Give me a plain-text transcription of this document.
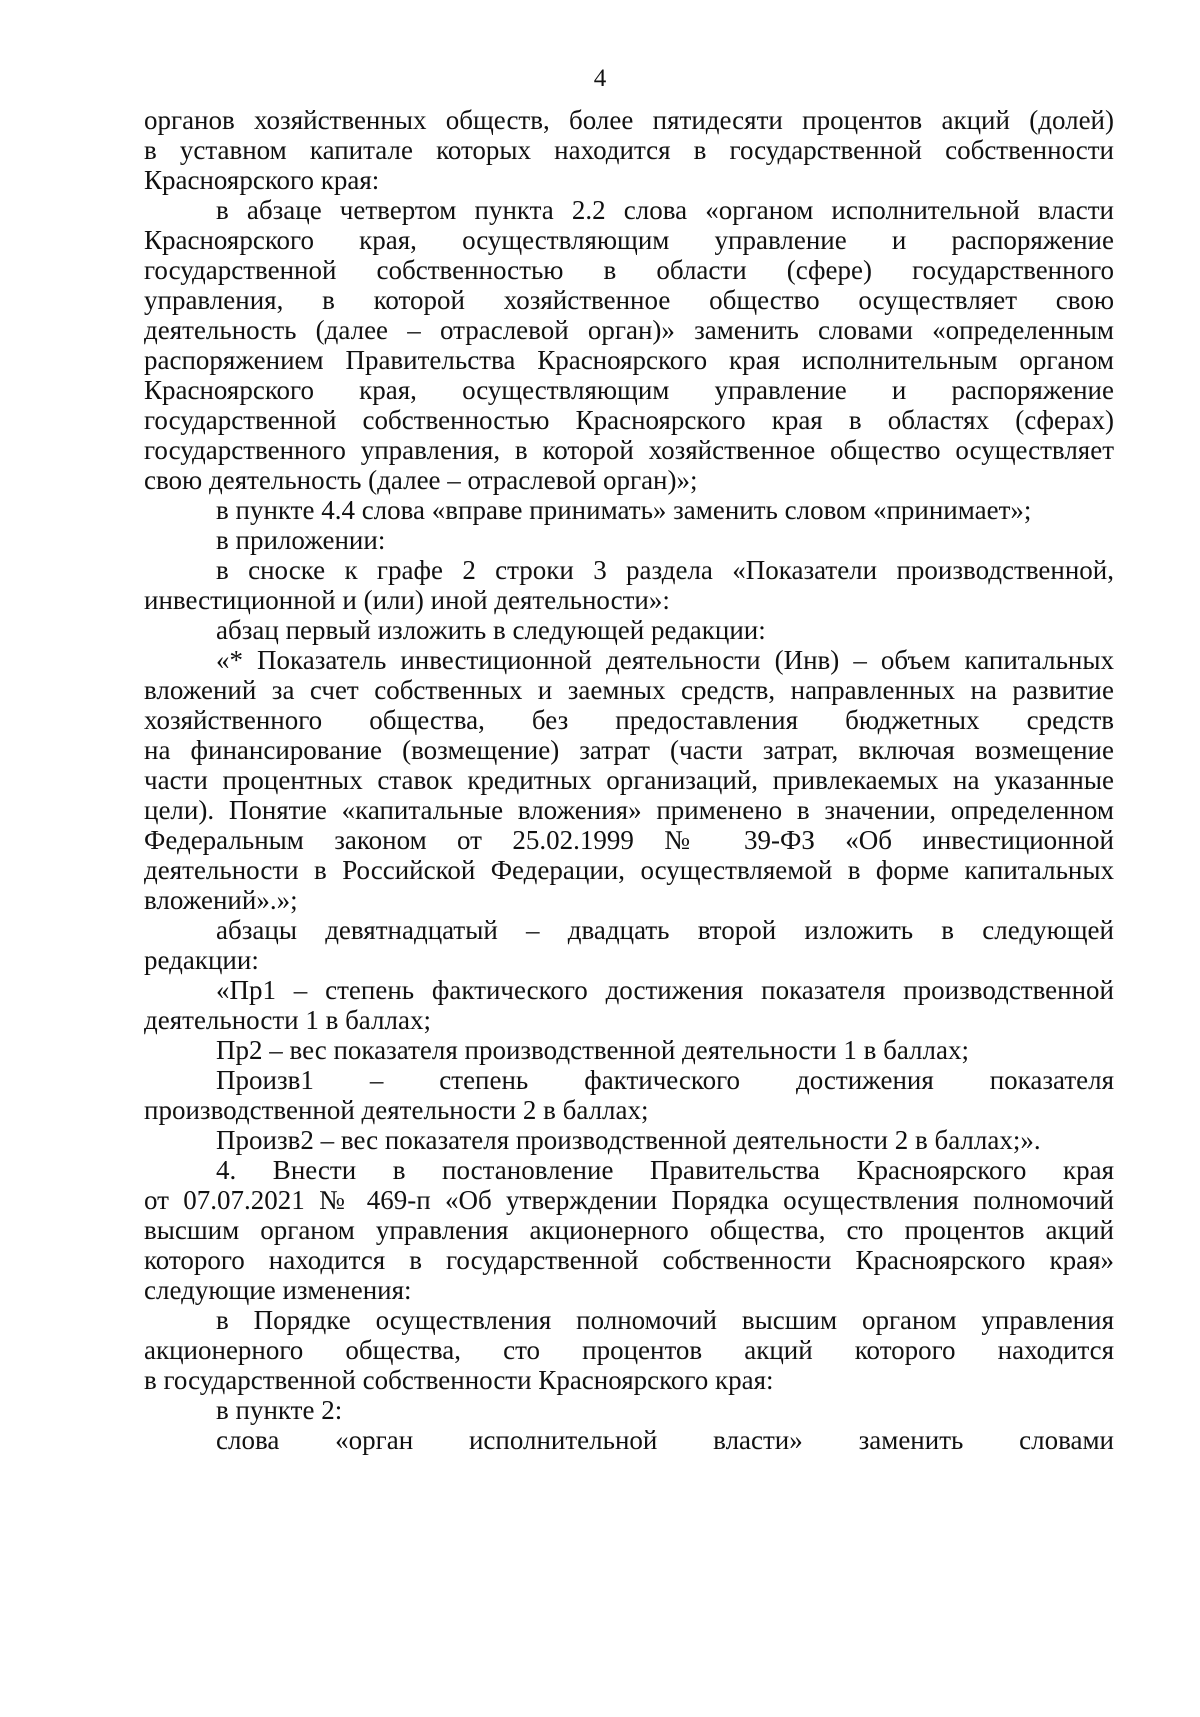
4
органов хозяйственных обществ, более пятидесяти процентов акций (долей)
в уставном капитале которых находится в государственной собственности
Красноярского края:
в абзаце четвертом пункта 2.2 слова «органом исполнительной власти
Красноярского края, осуществляющим управление и распоряжение
государственной собственностью в области (сфере) государственного
управления, в которой хозяйственное общество осуществляет свою
деятельность (далее – отраслевой орган)» заменить словами «определенным
распоряжением Правительства Красноярского края исполнительным органом
Красноярского края, осуществляющим управление и распоряжение
государственной собственностью Красноярского края в областях (сферах)
государственного управления, в которой хозяйственное общество осуществляет
свою деятельность (далее – отраслевой орган)»;
в пункте 4.4 слова «вправе принимать» заменить словом «принимает»;
в приложении:
в сноске к графе 2 строки 3 раздела «Показатели производственной,
инвестиционной и (или) иной деятельности»:
абзац первый изложить в следующей редакции:
«* Показатель инвестиционной деятельности (Инв) – объем капитальных
вложений за счет собственных и заемных средств, направленных на развитие
хозяйственного общества, без предоставления бюджетных средств
на финансирование (возмещение) затрат (части затрат, включая возмещение
части процентных ставок кредитных организаций, привлекаемых на указанные
цели). Понятие «капитальные вложения» применено в значении, определенном
Федеральным законом от 25.02.1999 № 39-ФЗ «Об инвестиционной
деятельности в Российской Федерации, осуществляемой в форме капитальных
вложений».»;
абзацы девятнадцатый – двадцать второй изложить в следующей
редакции:
«Пр1 – степень фактического достижения показателя производственной
деятельности 1 в баллах;
Пр2 – вес показателя производственной деятельности 1 в баллах;
Произв1 – степень фактического достижения показателя
производственной деятельности 2 в баллах;
Произв2 – вес показателя производственной деятельности 2 в баллах;».
4. Внести в постановление Правительства Красноярского края
от 07.07.2021 № 469-п «Об утверждении Порядка осуществления полномочий
высшим органом управления акционерного общества, сто процентов акций
которого находится в государственной собственности Красноярского края»
следующие изменения:
в Порядке осуществления полномочий высшим органом управления
акционерного общества, сто процентов акций которого находится
в государственной собственности Красноярского края:
в пункте 2:
слова «орган исполнительной власти» заменить словами
